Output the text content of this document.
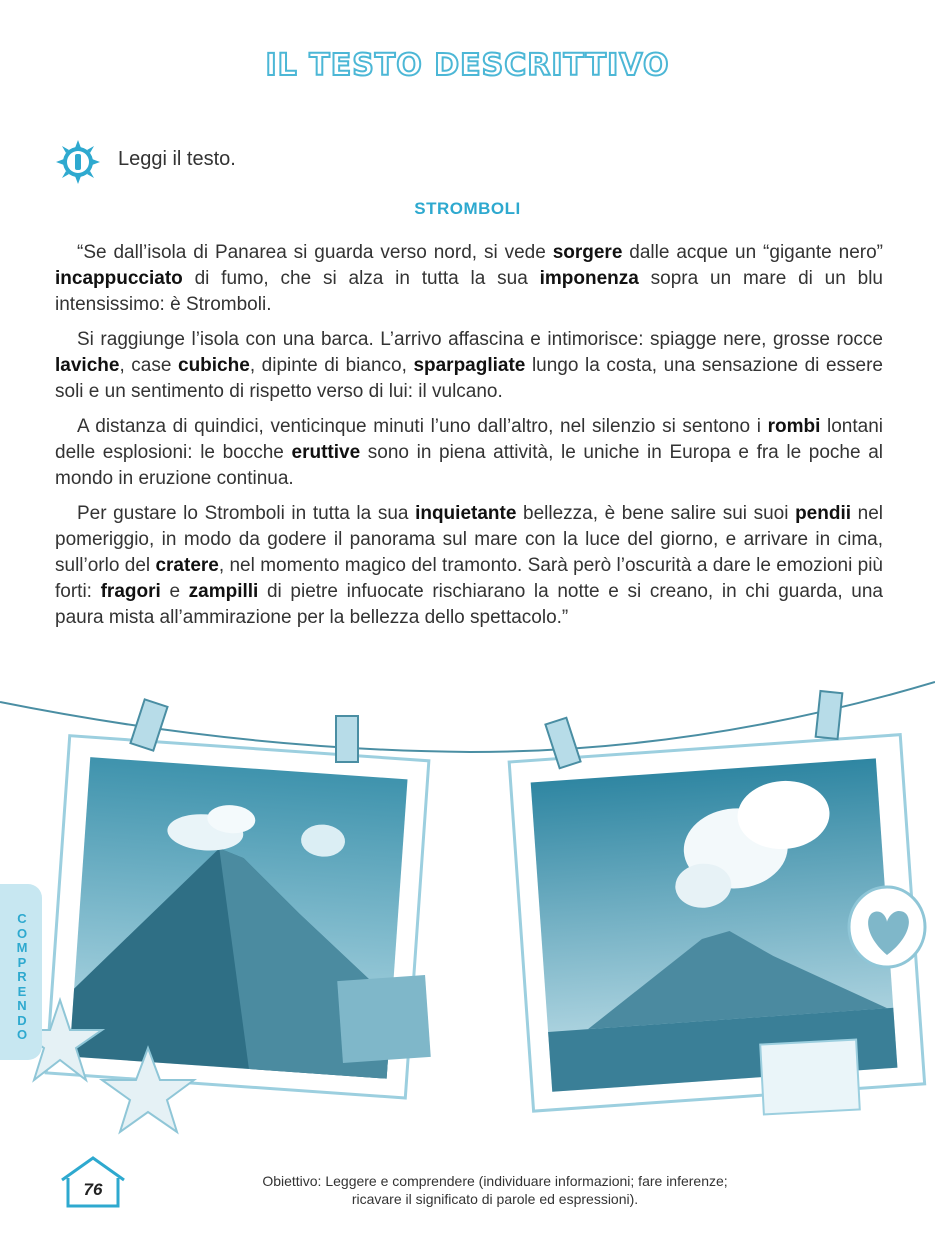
IL TESTO DESCRITTIVO
Leggi il testo.
STROMBOLI

“Se dall’isola di Panarea si guarda verso nord, si vede sorgere dalle acque un “gigante nero” incappucciato di fumo, che si alza in tutta la sua imponenza sopra un mare di un blu intensissimo: è Stromboli.

Si raggiunge l’isola con una barca. L’arrivo affascina e intimorisce: spiagge nere, grosse rocce laviche, case cubiche, dipinte di bianco, sparpagliate lungo la costa, una sensazione di essere soli e un sentimento di rispetto verso di lui: il vulcano.

A distanza di quindici, venticinque minuti l’uno dall’altro, nel silenzio si sentono i rombi lontani delle esplosioni: le bocche eruttive sono in piena attività, le uniche in Europa e fra le poche al mondo in eruzione continua.

Per gustare lo Stromboli in tutta la sua inquietante bellezza, è bene salire sui suoi pendii nel pomeriggio, in modo da godere il panorama sul mare con la luce del giorno, e arrivare in cima, sull’orlo del cratere, nel momento magico del tramonto. Sarà però l’oscurità a dare le emozioni più forti: fragori e zampilli di pietre infuocate rischiarano la notte e si creano, in chi guarda, una paura mista all’ammirazione per la bellezza dello spettacolo.”

C
O
M
P
R
E
N
D
O
76	Obiettivo: Leggere e comprendere (individuare informazioni; fare inferenze;
ricavare il significato di parole ed espressioni).
